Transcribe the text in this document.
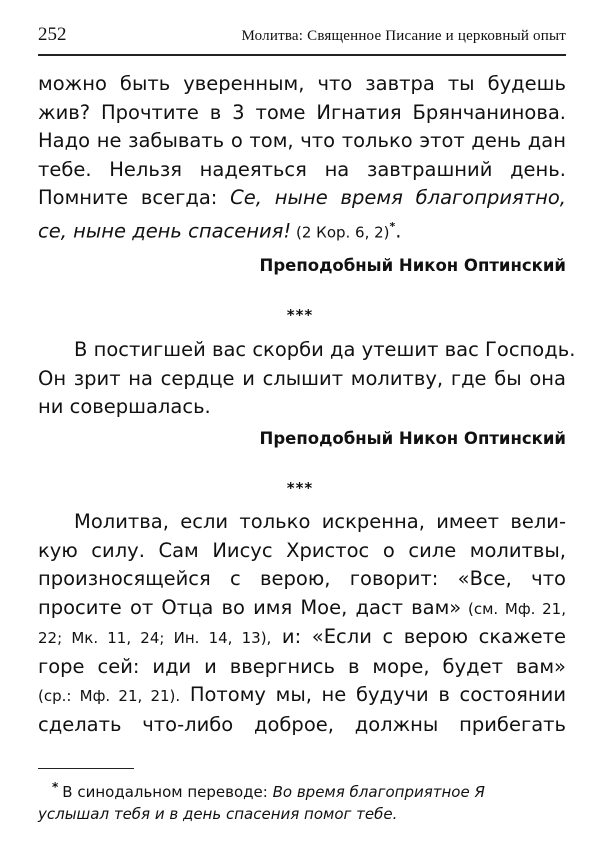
252	Молитва: Священное Писание и церковный опыт
можно быть уверенным, что завтра ты будешь
жив? Прочтите в 3 томе Игнатия Брянчанинова.
Надо не забывать о том, что только этот день дан
тебе. Нельзя надеяться на завтрашний день.
Помните всегда: Се, ныне время благоприятно,
се, ныне день спасения! (2 Кор. 6, 2)*.
Преподобный Никон Оптинский
***
В постигшей вас скорби да утешит вас Господь.
Он зрит на сердце и слышит молитву, где бы она
ни совершалась.
Преподобный Никон Оптинский
***
Молитва, если только искренна, имеет вели-
кую силу. Сам Иисус Христос о силе молитвы,
произносящейся с верою, говорит: «Все, что
просите от Отца во имя Мое, даст вам» (см. Мф. 21,
22; Мк. 11, 24; Ин. 14, 13), и: «Если с верою скажете
горе сей: иди и ввергнись в море, будет вам»
(ср.: Мф. 21, 21). Потому мы, не будучи в состоянии
сделать что-либо доброе, должны прибегать
* В синодальном переводе: Во время благоприятное Я
услышал тебя и в день спасения помог тебе.
